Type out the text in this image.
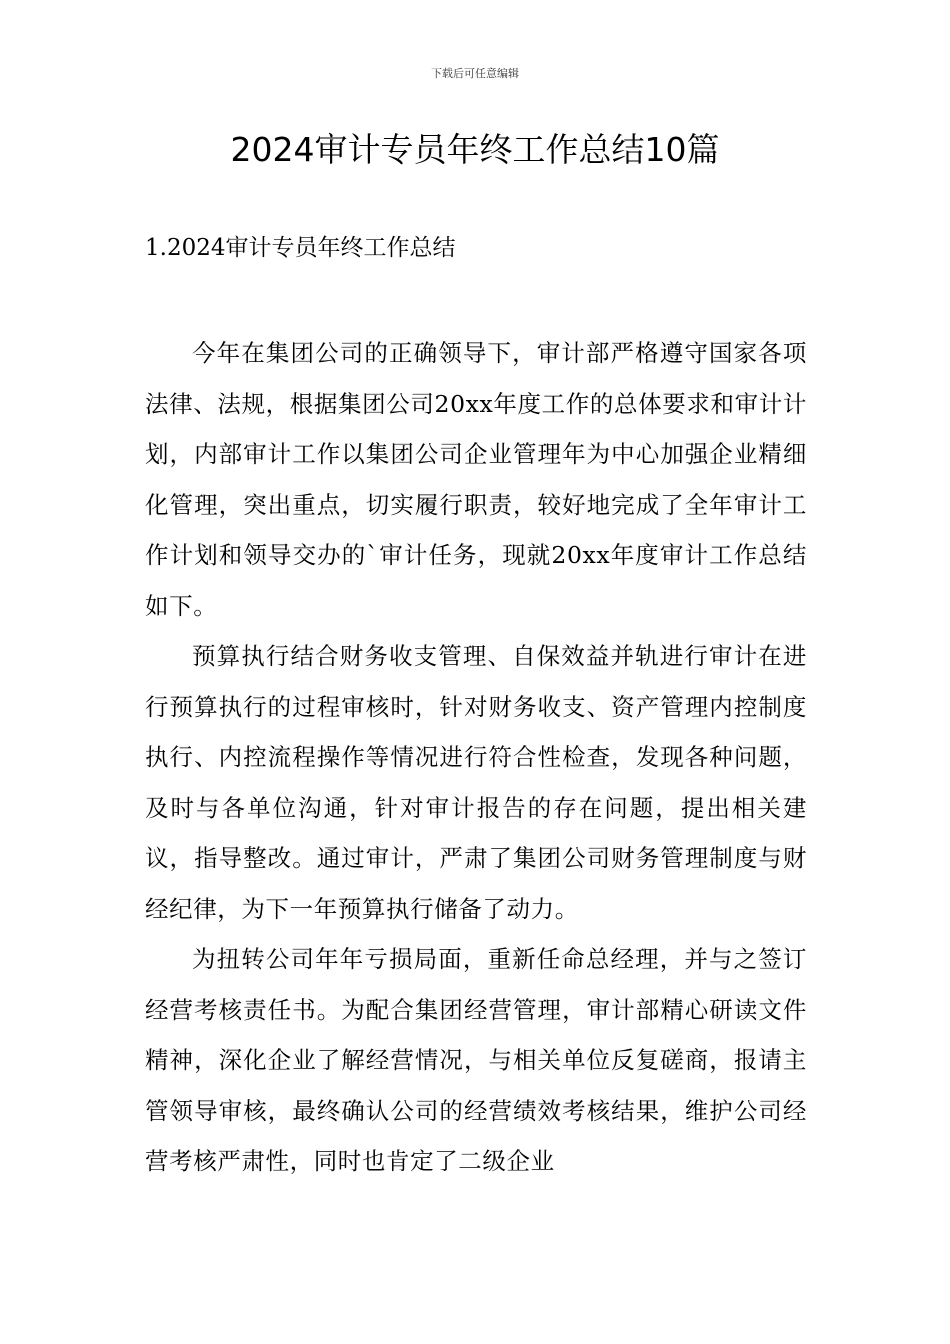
下载后可任意编辑
2024审计专员年终工作总结10篇
1.2024审计专员年终工作总结

今年在集团公司的正确领导下，审计部严格遵守国家各项法律、法规，根据集团公司20xx年度工作的总体要求和审计计划，内部审计工作以集团公司企业管理年为中心加强企业精细化管理，突出重点，切实履行职责，较好地完成了全年审计工作计划和领导交办的`审计任务，现就20xx年度审计工作总结如下。

预算执行结合财务收支管理、自保效益并轨进行审计在进行预算执行的过程审核时，针对财务收支、资产管理内控制度执行、内控流程操作等情况进行符合性检查，发现各种问题，及时与各单位沟通，针对审计报告的存在问题，提出相关建议，指导整改。通过审计，严肃了集团公司财务管理制度与财经纪律，为下一年预算执行储备了动力。

为扭转公司年年亏损局面，重新任命总经理，并与之签订经营考核责任书。为配合集团经营管理，审计部精心研读文件精神，深化企业了解经营情况，与相关单位反复磋商，报请主管领导审核，最终确认公司的经营绩效考核结果，维护公司经营考核严肃性，同时也肯定了二级企业
